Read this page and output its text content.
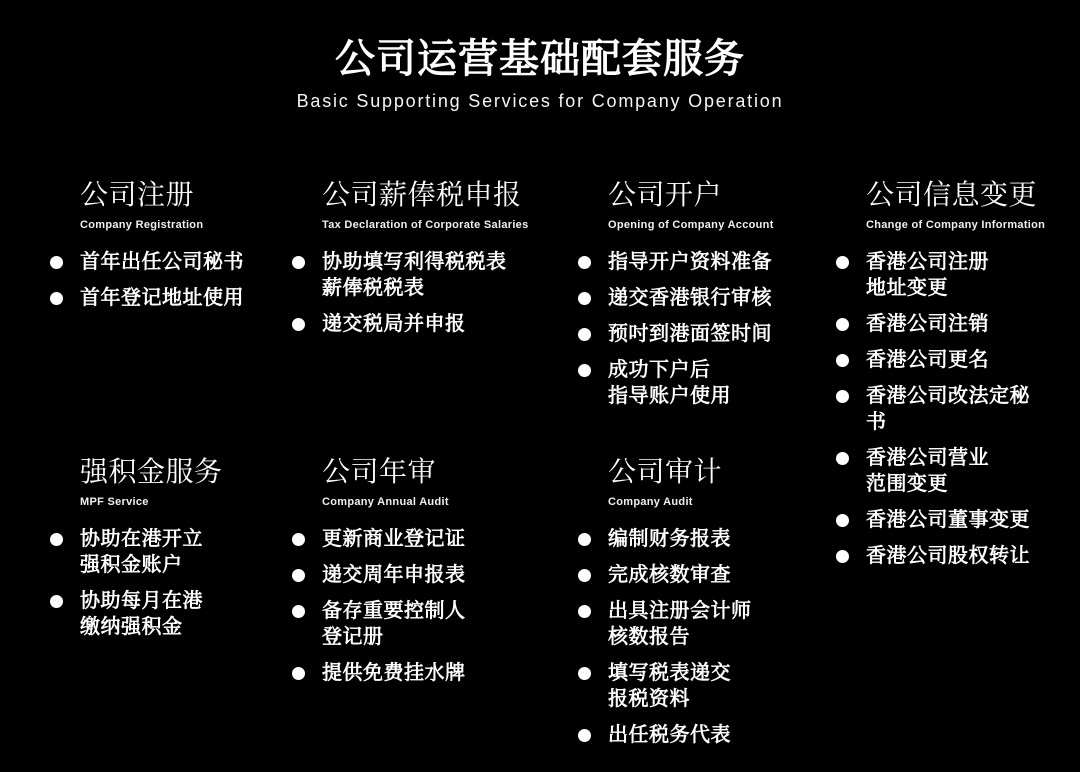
公司运营基础配套服务
Basic Supporting Services for Company Operation
公司注册
Company Registration
首年出任公司秘书
首年登记地址使用
公司薪俸税申报
Tax Declaration of Corporate Salaries
协助填写利得税税表
薪俸税税表
递交税局并申报
公司开户
Opening of Company Account
指导开户资料准备
递交香港银行审核
预吋到港面签时间
成功下户后
指导账户使用
公司信息变更
Change of Company Information
香港公司注册
地址变更
香港公司注销
香港公司更名
香港公司改法定秘书
香港公司营业
范围变更
香港公司董事变更
香港公司股权转让
强积金服务
MPF Service
协助在港开立
强积金账户
协助每月在港
缴纳强积金
公司年审
Company Annual Audit
更新商业登记证
递交周年申报表
备存重要控制人
登记册
提供免费挂水牌
公司审计
Company Audit
编制财务报表
完成核数审查
出具注册会计师
核数报告
填写税表递交
报税资料
出任税务代表
